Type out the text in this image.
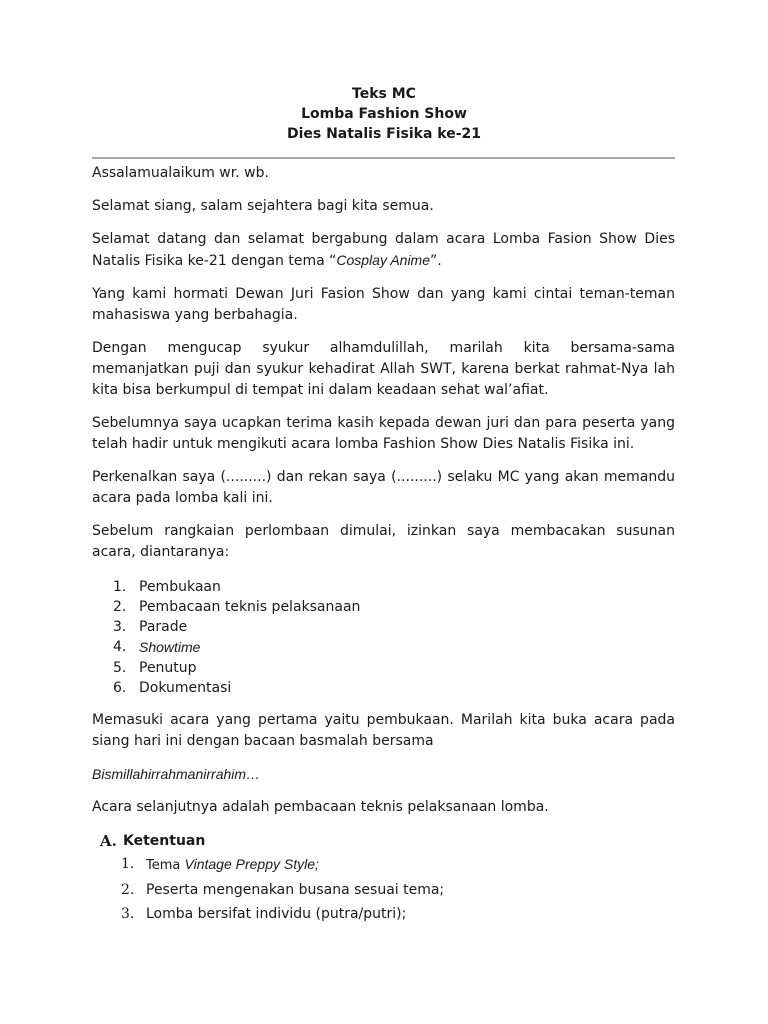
Teks MC
Lomba Fashion Show
Dies Natalis Fisika ke-21

Assalamualaikum wr. wb.

Selamat siang, salam sejahtera bagi kita semua.

Selamat datang dan selamat bergabung dalam acara Lomba Fasion Show Dies Natalis Fisika ke-21 dengan tema “Cosplay Anime”.

Yang kami hormati Dewan Juri Fasion Show dan yang kami cintai teman-teman mahasiswa yang berbahagia.

Dengan mengucap syukur alhamdulillah, marilah kita bersama-sama memanjatkan puji dan syukur kehadirat Allah SWT, karena berkat rahmat-Nya lah kita bisa berkumpul di tempat ini dalam keadaan sehat wal’afiat.

Sebelumnya saya ucapkan terima kasih kepada dewan juri dan para peserta yang telah hadir untuk mengikuti acara lomba Fashion Show Dies Natalis Fisika ini.

Perkenalkan saya (.........) dan rekan saya (.........) selaku MC yang akan memandu acara pada lomba kali ini.

Sebelum rangkaian perlombaan dimulai, izinkan saya membacakan susunan acara, diantaranya:

1. Pembukaan
2. Pembacaan teknis pelaksanaan
3. Parade
4. Showtime
5. Penutup
6. Dokumentasi

Memasuki acara yang pertama yaitu pembukaan. Marilah kita buka acara pada siang hari ini dengan bacaan basmalah bersama

Bismillahirrahmanirrahim…

Acara selanjutnya adalah pembacaan teknis pelaksanaan lomba.

A. Ketentuan
1. Tema Vintage Preppy Style;
2. Peserta mengenakan busana sesuai tema;
3. Lomba bersifat individu (putra/putri);
